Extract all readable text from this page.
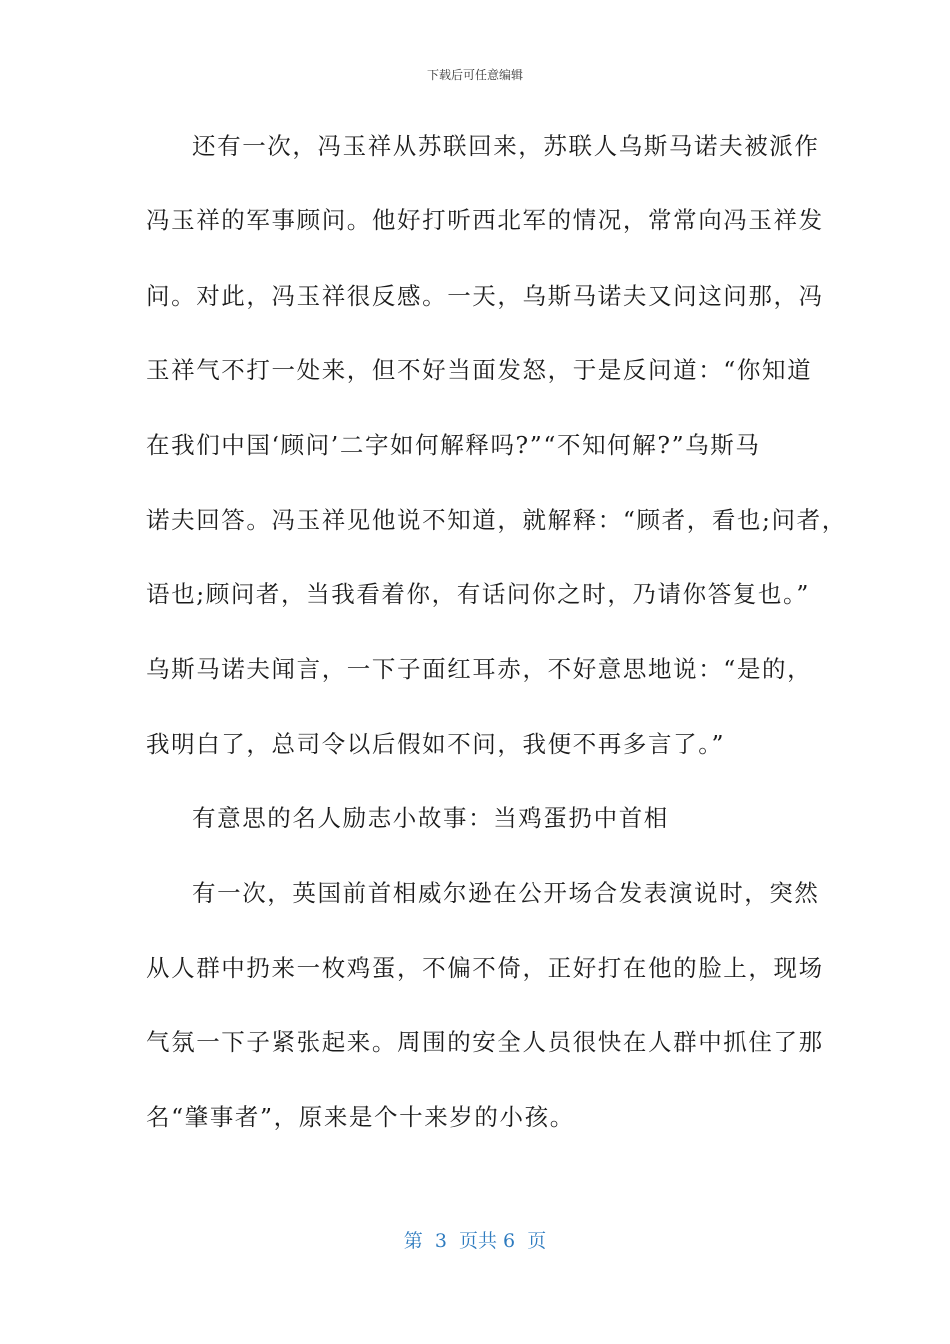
下载后可任意编辑
还有一次，冯玉祥从苏联回来，苏联人乌斯马诺夫被派作
冯玉祥的军事顾问。他好打听西北军的情况，常常向冯玉祥发
问。对此，冯玉祥很反感。一天，乌斯马诺夫又问这问那，冯
玉祥气不打一处来，但不好当面发怒，于是反问道：“你知道
在我们中国‘顾问’二字如何解释吗?”“不知何解?”乌斯马
诺夫回答。冯玉祥见他说不知道，就解释：“顾者，看也;问者，
语也;顾问者，当我看着你，有话问你之时，乃请你答复也。”
乌斯马诺夫闻言，一下子面红耳赤，不好意思地说：“是的，
我明白了，总司令以后假如不问，我便不再多言了。”
有意思的名人励志小故事：当鸡蛋扔中首相
有一次，英国前首相威尔逊在公开场合发表演说时，突然
从人群中扔来一枚鸡蛋，不偏不倚，正好打在他的脸上，现场
气氛一下子紧张起来。周围的安全人员很快在人群中抓住了那
名“肇事者”，原来是个十来岁的小孩。
第  3  页共 6  页
